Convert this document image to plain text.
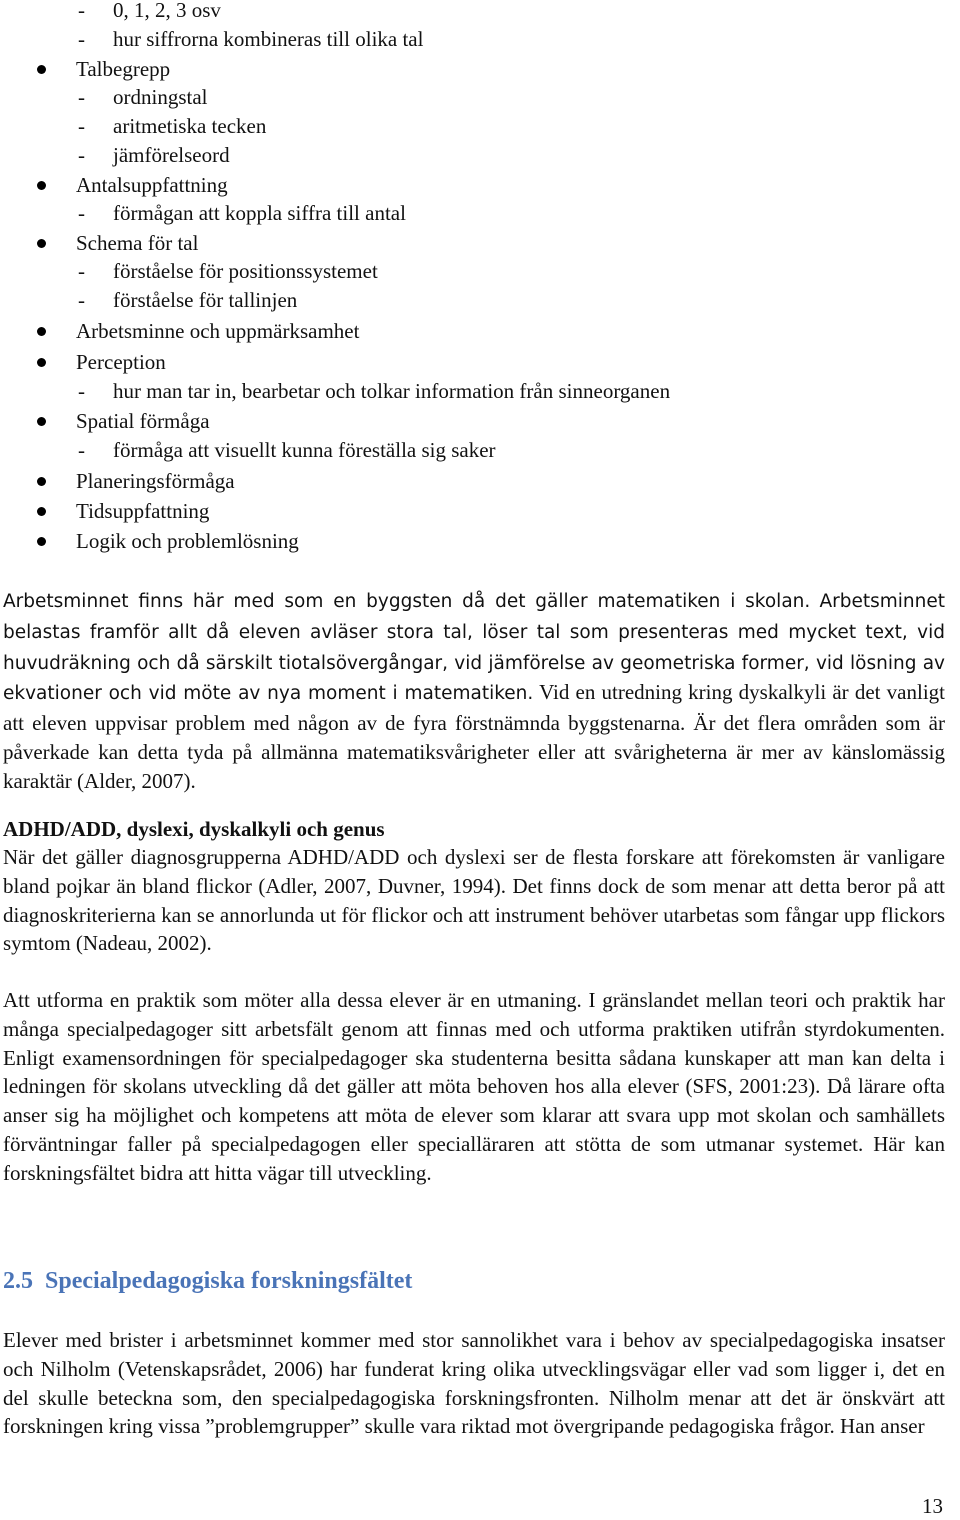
-	0, 1, 2, 3 osv
-	hur siffrorna kombineras till olika tal
Talbegrepp
-	ordningstal
-	aritmetiska tecken
-	jämförelseord
Antalsuppfattning
-	förmågan att koppla siffra till antal
Schema för tal
-	förståelse för positionssystemet
-	förståelse för tallinjen
Arbetsminne och uppmärksamhet
Perception
-	hur man tar in, bearbetar och tolkar information från sinneorganen
Spatial förmåga
-	förmåga att visuellt kunna föreställa sig saker
Planeringsförmåga
Tidsuppfattning
Logik och problemlösning

Arbetsminnet finns här med som en byggsten då det gäller matematiken i skolan. Arbetsminnet belastas framför allt då eleven avläser stora tal, löser tal som presenteras med mycket text, vid huvudräkning och då särskilt tiotalsövergångar, vid jämförelse av geometriska former, vid lösning av ekvationer och vid möte av nya moment i matematiken. Vid en utredning kring dyskalkyli är det vanligt att eleven uppvisar problem med någon av de fyra förstnämnda byggstenarna. Är det flera områden som är påverkade kan detta tyda på allmänna matematiksvårigheter eller att svårigheterna är mer av känslomässig karaktär (Alder, 2007).

ADHD/ADD, dyslexi, dyskalkyli och genus

När det gäller diagnosgrupperna ADHD/ADD och dyslexi ser de flesta forskare att förekomsten är vanligare bland pojkar än bland flickor (Adler, 2007, Duvner, 1994). Det finns dock de som menar att detta beror på att diagnoskriterierna kan se annorlunda ut för flickor och att instrument behöver utarbetas som fångar upp flickors symtom (Nadeau, 2002).

Att utforma en praktik som möter alla dessa elever är en utmaning. I gränslandet mellan teori och praktik har många specialpedagoger sitt arbetsfält genom att finnas med och utforma praktiken utifrån styrdokumenten. Enligt examensordningen för specialpedagoger ska studenterna besitta sådana kunskaper att man kan delta i ledningen för skolans utveckling då det gäller att möta behoven hos alla elever (SFS, 2001:23). Då lärare ofta anser sig ha möjlighet och kompetens att möta de elever som klarar att svara upp mot skolan och samhällets förväntningar faller på specialpedagogen eller specialläraren att stötta de som utmanar systemet. Här kan forskningsfältet bidra att hitta vägar till utveckling.

2.5 Specialpedagogiska forskningsfältet

Elever med brister i arbetsminnet kommer med stor sannolikhet vara i behov av specialpedagogiska insatser och Nilholm (Vetenskapsrådet, 2006) har funderat kring olika utvecklingsvägar eller vad som ligger i, det en del skulle beteckna som, den specialpedagogiska forskningsfronten. Nilholm menar att det är önskvärt att forskningen kring vissa ”problemgrupper” skulle vara riktad mot övergripande pedagogiska frågor. Han anser

13
